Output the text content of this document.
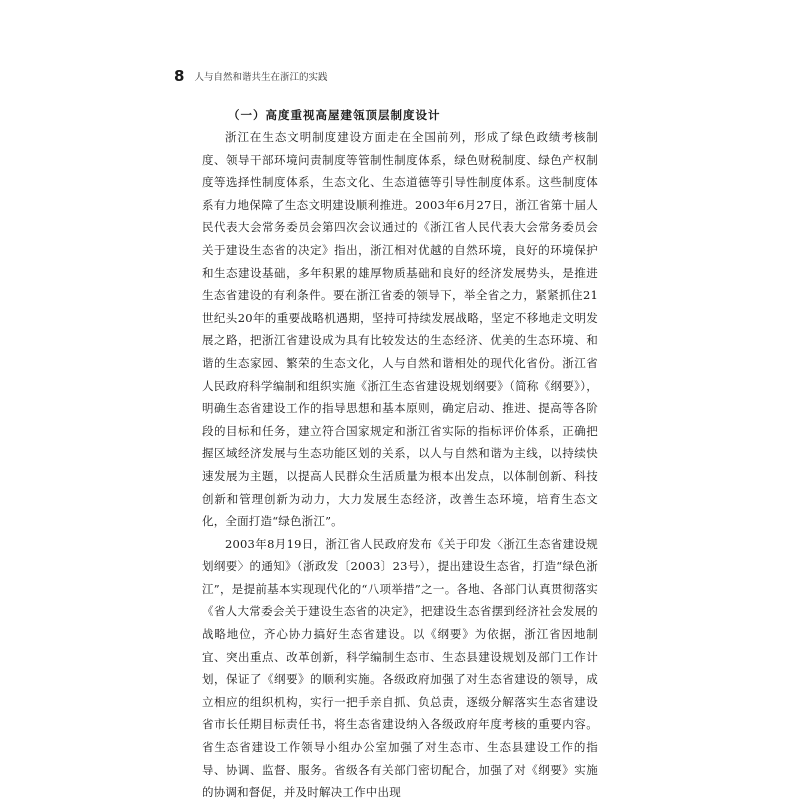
8 人与自然和谐共生在浙江的实践

（一）高度重视高屋建瓴顶层制度设计

浙江在生态文明制度建设方面走在全国前列，形成了绿色政绩考核制度、领导干部环境问责制度等管制性制度体系，绿色财税制度、绿色产权制度等选择性制度体系，生态文化、生态道德等引导性制度体系。这些制度体系有力地保障了生态文明建设顺利推进。2003年6月27日，浙江省第十届人民代表大会常务委员会第四次会议通过的《浙江省人民代表大会常务委员会关于建设生态省的决定》指出，浙江相对优越的自然环境，良好的环境保护和生态建设基础，多年积累的雄厚物质基础和良好的经济发展势头，是推进生态省建设的有利条件。要在浙江省委的领导下，举全省之力，紧紧抓住21世纪头20年的重要战略机遇期，坚持可持续发展战略，坚定不移地走文明发展之路，把浙江省建设成为具有比较发达的生态经济、优美的生态环境、和谐的生态家园、繁荣的生态文化，人与自然和谐相处的现代化省份。浙江省人民政府科学编制和组织实施《浙江生态省建设规划纲要》（简称《纲要》），明确生态省建设工作的指导思想和基本原则，确定启动、推进、提高等各阶段的目标和任务，建立符合国家规定和浙江省实际的指标评价体系，正确把握区域经济发展与生态功能区划的关系，以人与自然和谐为主线，以持续快速发展为主题，以提高人民群众生活质量为根本出发点，以体制创新、科技创新和管理创新为动力，大力发展生态经济，改善生态环境，培育生态文化，全面打造“绿色浙江”。

2003年8月19日，浙江省人民政府发布《关于印发〈浙江生态省建设规划纲要〉的通知》（浙政发〔2003〕23号），提出建设生态省，打造“绿色浙江”，是提前基本实现现代化的“八项举措”之一。各地、各部门认真贯彻落实《省人大常委会关于建设生态省的决定》，把建设生态省摆到经济社会发展的战略地位，齐心协力搞好生态省建设。以《纲要》为依据，浙江省因地制宜、突出重点、改革创新，科学编制生态市、生态县建设规划及部门工作计划，保证了《纲要》的顺利实施。各级政府加强了对生态省建设的领导，成立相应的组织机构，实行一把手亲自抓、负总责，逐级分解落实生态省建设省市长任期目标责任书，将生态省建设纳入各级政府年度考核的重要内容。省生态省建设工作领导小组办公室加强了对生态市、生态县建设工作的指导、协调、监督、服务。省级各有关部门密切配合，加强了对《纲要》实施的协调和督促，并及时解决工作中出现
